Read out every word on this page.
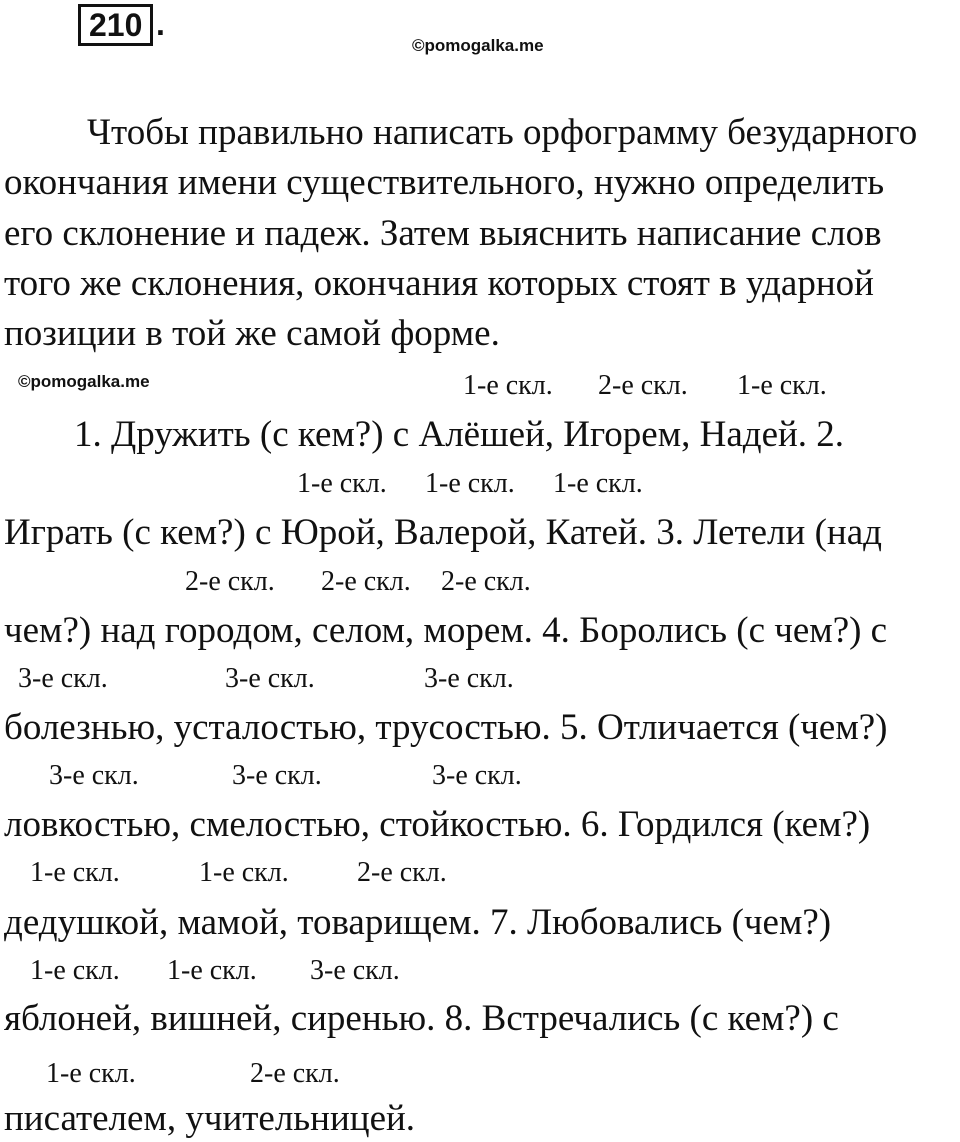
210 .
©pomogalka.me
Чтобы правильно написать орфограмму безударного
окончания имени существительного, нужно определить
его склонение и падеж. Затем выяснить написание слов
того же склонения, окончания которых стоят в ударной
позиции в той же самой форме.
©pomogalka.me	1-е скл. 2-е скл. 1-е скл.
1. Дружить (с кем?) с Алёшей, Игорем, Надей. 2.
1-е скл. 1-е скл. 1-е скл.
Играть (с кем?) с Юрой, Валерой, Катей. 3. Летели (над
2-е скл. 2-е скл. 2-е скл.
чем?) над городом, селом, морем. 4. Боролись (с чем?) с
3-е скл.	3-е скл.	3-е скл.
болезнью, усталостью, трусостью. 5. Отличается (чем?)
3-е скл.	3-е скл.	3-е скл.
ловкостью, смелостью, стойкостью. 6. Гордился (кем?)
1-е скл.	1-е скл. 2-е скл.
дедушкой, мамой, товарищем. 7. Любовались (чем?)
1-е скл. 1-е скл. 3-е скл.
яблоней, вишней, сиренью. 8. Встречались (с кем?) с
1-е скл.	2-е скл.
писателем, учительницей.
